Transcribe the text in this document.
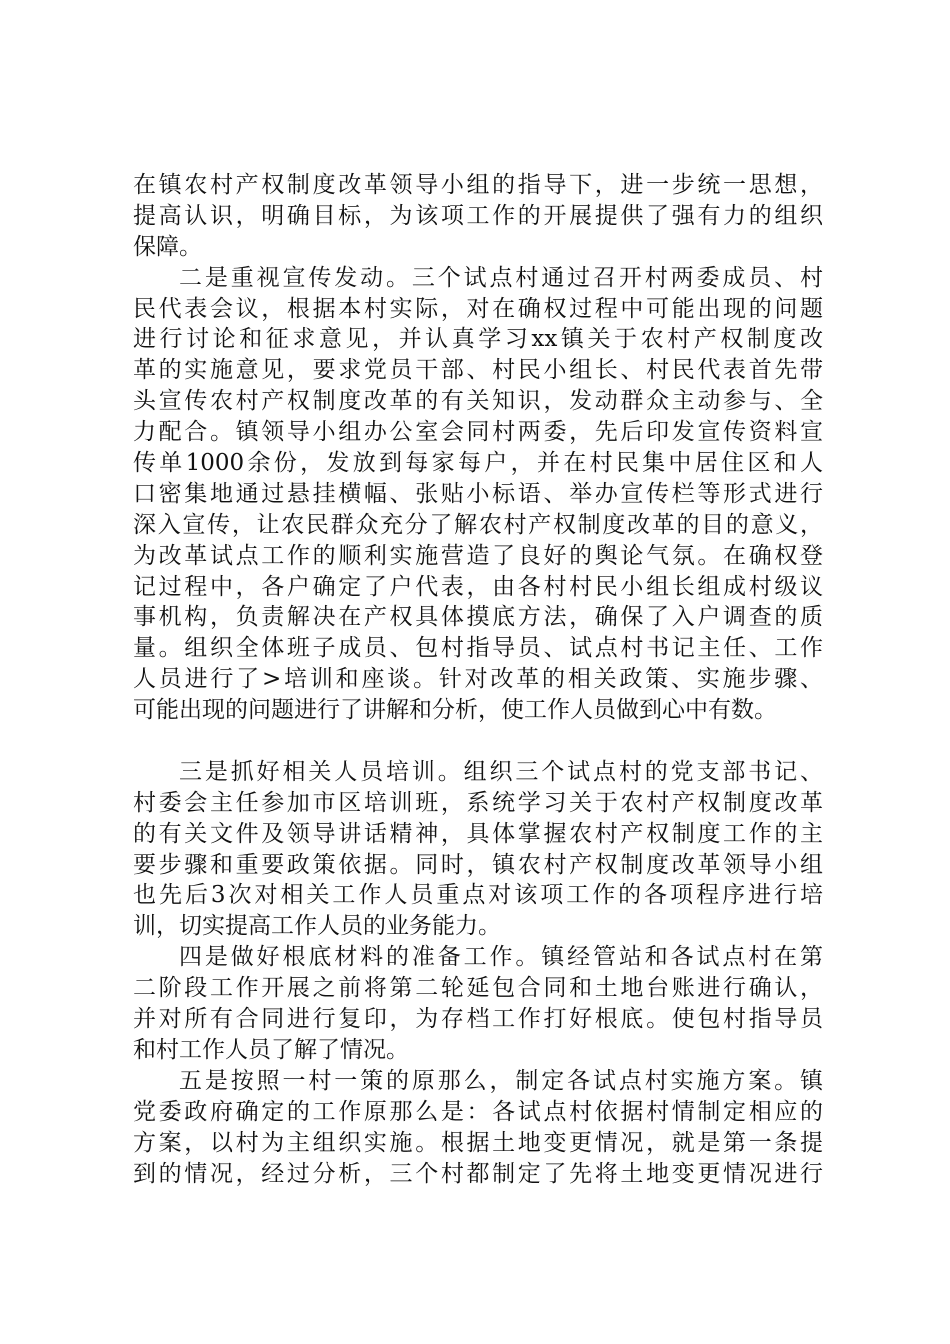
在镇农村产权制度改革领导小组的指导下，进一步统一思想，
提高认识，明确目标，为该项工作的开展提供了强有力的组织
保障。
二是重视宣传发动。三个试点村通过召开村两委成员、村
民代表会议，根据本村实际，对在确权过程中可能出现的问题
进行讨论和征求意见，并认真学习xx镇关于农村产权制度改
革的实施意见，要求党员干部、村民小组长、村民代表首先带
头宣传农村产权制度改革的有关知识，发动群众主动参与、全
力配合。镇领导小组办公室会同村两委，先后印发宣传资料宣
传单1000余份，发放到每家每户，并在村民集中居住区和人
口密集地通过悬挂横幅、张贴小标语、举办宣传栏等形式进行
深入宣传，让农民群众充分了解农村产权制度改革的目的意义，
为改革试点工作的顺利实施营造了良好的舆论气氛。在确权登
记过程中，各户确定了户代表，由各村村民小组长组成村级议
事机构，负责解决在产权具体摸底方法，确保了入户调查的质
量。组织全体班子成员、包村指导员、试点村书记主任、工作
人员进行了>培训和座谈。针对改革的相关政策、实施步骤、
可能出现的问题进行了讲解和分析，使工作人员做到心中有数。
三是抓好相关人员培训。组织三个试点村的党支部书记、
村委会主任参加市区培训班，系统学习关于农村产权制度改革
的有关文件及领导讲话精神，具体掌握农村产权制度工作的主
要步骤和重要政策依据。同时，镇农村产权制度改革领导小组
也先后3次对相关工作人员重点对该项工作的各项程序进行培
训，切实提高工作人员的业务能力。
四是做好根底材料的准备工作。镇经管站和各试点村在第
二阶段工作开展之前将第二轮延包合同和土地台账进行确认，
并对所有合同进行复印，为存档工作打好根底。使包村指导员
和村工作人员了解了情况。
五是按照一村一策的原那么，制定各试点村实施方案。镇
党委政府确定的工作原那么是：各试点村依据村情制定相应的
方案，以村为主组织实施。根据土地变更情况，就是第一条提
到的情况，经过分析，三个村都制定了先将土地变更情况进行
